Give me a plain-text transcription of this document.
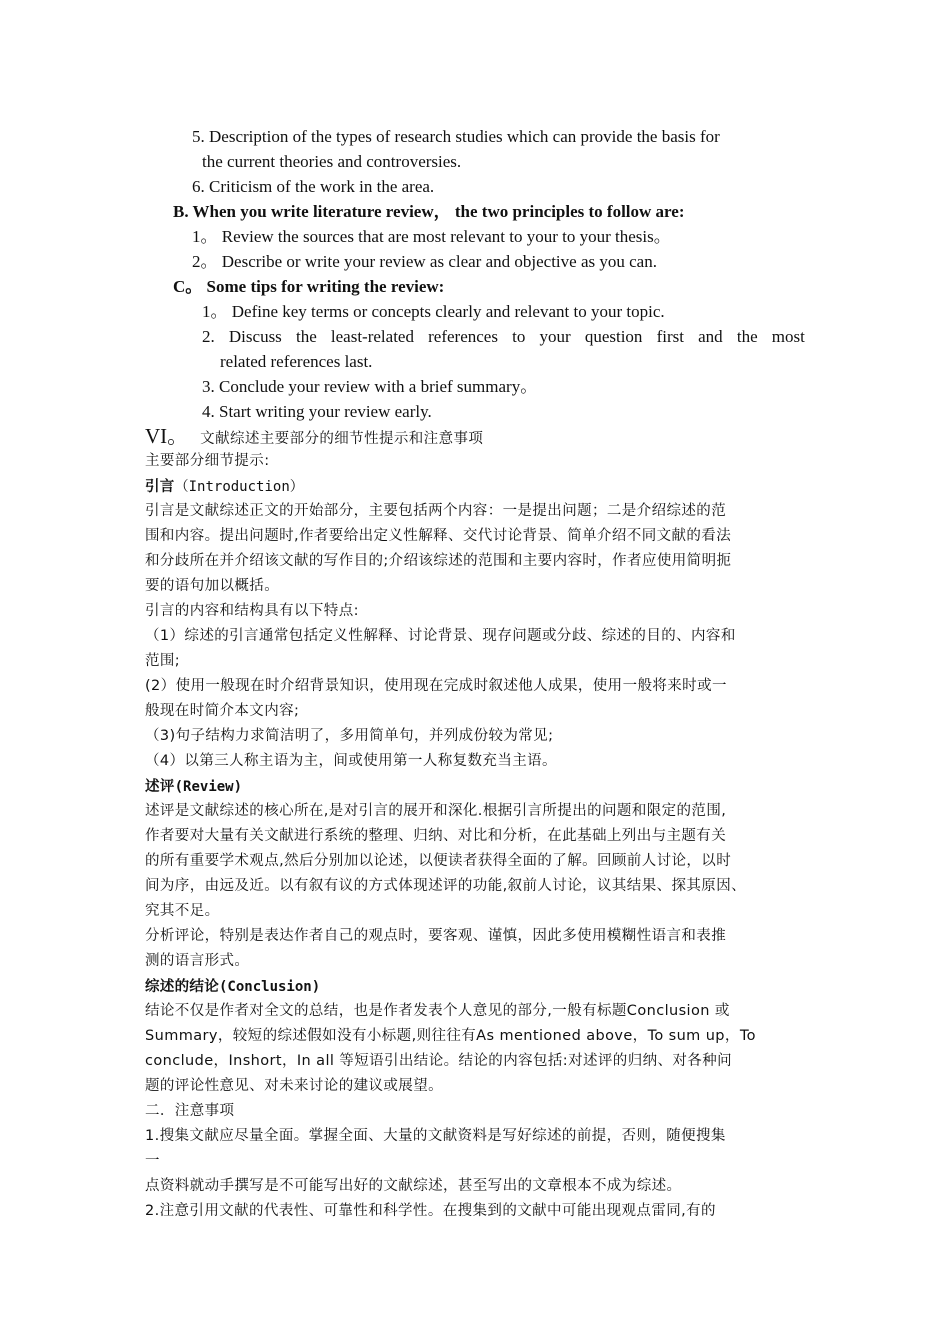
5. Description of the types of research studies which can provide the basis for
the current theories and controversies.
6. Criticism of the work in the area.
B. When you write literature review， the two principles to follow are:
1。 Review the sources that are most relevant to your to your thesis。
2。 Describe or write your review as clear and objective as you can.
C。 Some tips for writing the review:
1。 Define key terms or concepts clearly and relevant to your topic.
2. Discuss the least-related references to your question first and the most
related references last.
3. Conclude your review with a brief summary。
4. Start writing your review early.
VI。 文献综述主要部分的细节性提示和注意事项
主要部分细节提示:
引言（Introduction）
引言是文献综述正文的开始部分，主要包括两个内容：一是提出问题；二是介绍综述的范
围和内容。提出问题时,作者要给出定义性解释、交代讨论背景、简单介绍不同文献的看法
和分歧所在并介绍该文献的写作目的;介绍该综述的范围和主要内容时，作者应使用简明扼
要的语句加以概括。
引言的内容和结构具有以下特点:
（1）综述的引言通常包括定义性解释、讨论背景、现存问题或分歧、综述的目的、内容和
范围;
(2）使用一般现在时介绍背景知识，使用现在完成时叙述他人成果，使用一般将来时或一
般现在时简介本文内容;
（3)句子结构力求简洁明了，多用简单句，并列成份较为常见;
（4）以第三人称主语为主，间或使用第一人称复数充当主语。
述评(Review)
述评是文献综述的核心所在,是对引言的展开和深化.根据引言所提出的问题和限定的范围,
作者要对大量有关文献进行系统的整理、归纳、对比和分析，在此基础上列出与主题有关
的所有重要学术观点,然后分别加以论述，以便读者获得全面的了解。回顾前人讨论，以时
间为序，由远及近。以有叙有议的方式体现述评的功能,叙前人讨论，议其结果、探其原因、
究其不足。
分析评论，特别是表达作者自己的观点时，要客观、谨慎，因此多使用模糊性语言和表推
测的语言形式。
综述的结论(Conclusion)
结论不仅是作者对全文的总结，也是作者发表个人意见的部分,一般有标题Conclusion 或
Summary，较短的综述假如没有小标题,则往往有As mentioned above，To sum up，To
conclude，Inshort，In all 等短语引出结论。结论的内容包括:对述评的归纳、对各种问
题的评论性意见、对未来讨论的建议或展望。
二．注意事项
1.搜集文献应尽量全面。掌握全面、大量的文献资料是写好综述的前提，否则，随便搜集
一
点资料就动手撰写是不可能写出好的文献综述，甚至写出的文章根本不成为综述。
2.注意引用文献的代表性、可靠性和科学性。在搜集到的文献中可能出现观点雷同,有的
